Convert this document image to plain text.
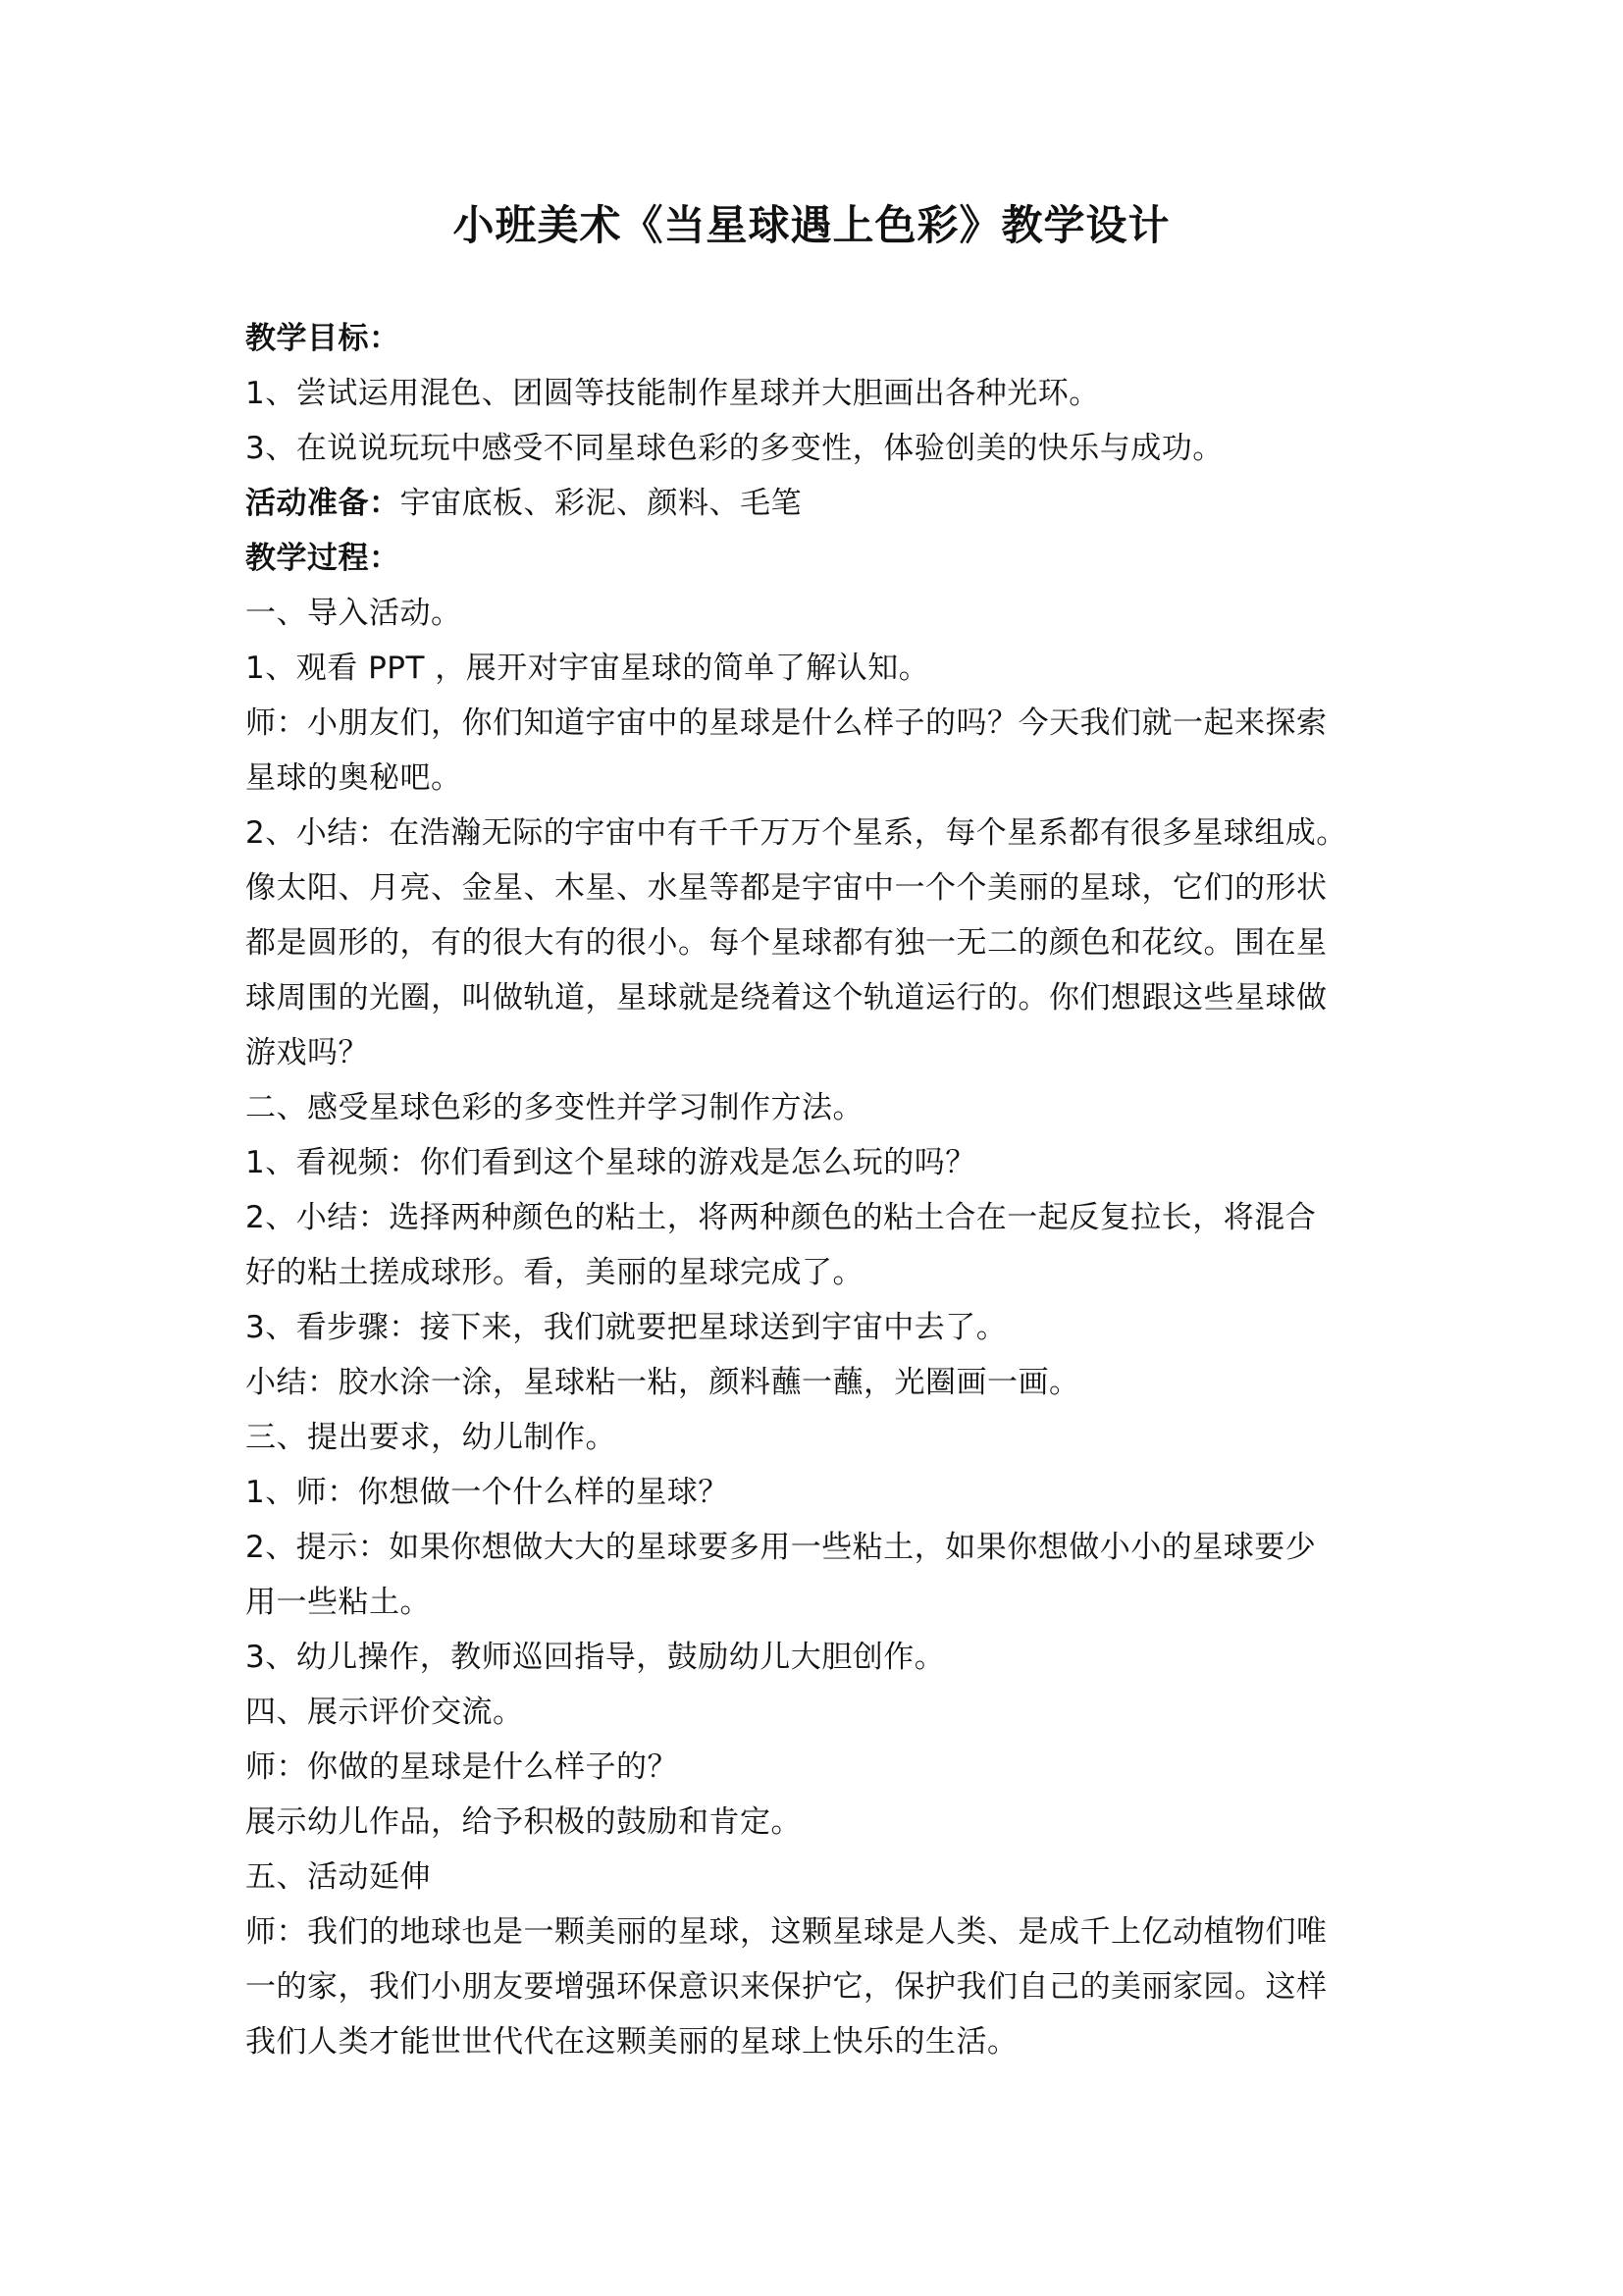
小班美术《当星球遇上色彩》教学设计
教学目标：
1、尝试运用混色、团圆等技能制作星球并大胆画出各种光环。
3、在说说玩玩中感受不同星球色彩的多变性，体验创美的快乐与成功。
活动准备：宇宙底板、彩泥、颜料、毛笔
教学过程：
一、导入活动。
1、观看 PPT ，展开对宇宙星球的简单了解认知。
师：小朋友们，你们知道宇宙中的星球是什么样子的吗？今天我们就一起来探索
星球的奥秘吧。
2、小结：在浩瀚无际的宇宙中有千千万万个星系，每个星系都有很多星球组成。
像太阳、月亮、金星、木星、水星等都是宇宙中一个个美丽的星球，它们的形状
都是圆形的，有的很大有的很小。每个星球都有独一无二的颜色和花纹。围在星
球周围的光圈，叫做轨道，星球就是绕着这个轨道运行的。你们想跟这些星球做
游戏吗？
二、感受星球色彩的多变性并学习制作方法。
1、看视频：你们看到这个星球的游戏是怎么玩的吗？
2、小结：选择两种颜色的粘土，将两种颜色的粘土合在一起反复拉长，将混合
好的粘土搓成球形。看，美丽的星球完成了。
3、看步骤：接下来，我们就要把星球送到宇宙中去了。
小结：胶水涂一涂，星球粘一粘，颜料蘸一蘸，光圈画一画。
三、提出要求，幼儿制作。
1、师：你想做一个什么样的星球？
2、提示：如果你想做大大的星球要多用一些粘土，如果你想做小小的星球要少
用一些粘土。
3、幼儿操作，教师巡回指导，鼓励幼儿大胆创作。
四、展示评价交流。
师：你做的星球是什么样子的？
展示幼儿作品，给予积极的鼓励和肯定。
五、活动延伸
师：我们的地球也是一颗美丽的星球，这颗星球是人类、是成千上亿动植物们唯
一的家，我们小朋友要增强环保意识来保护它，保护我们自己的美丽家园。这样
我们人类才能世世代代在这颗美丽的星球上快乐的生活。
